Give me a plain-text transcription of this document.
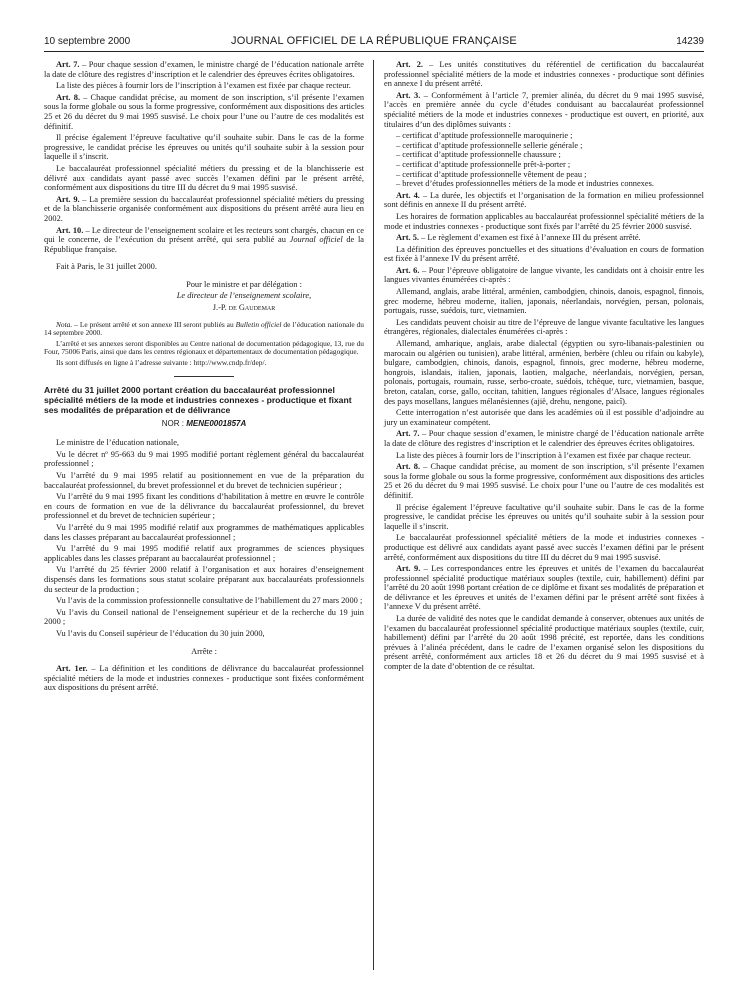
10 septembre 2000	JOURNAL OFFICIEL DE LA RÉPUBLIQUE FRANÇAISE	14239

Art. 7. – Pour chaque session d’examen, le ministre chargé de l’éducation nationale arrête la date de clôture des registres d’inscription et le calendrier des épreuves écrites obligatoires.

La liste des pièces à fournir lors de l’inscription à l’examen est fixée par chaque recteur.

Art. 8. – Chaque candidat précise, au moment de son inscription, s’il présente l’examen sous la forme globale ou sous la forme progressive, conformément aux dispositions des articles 25 et 26 du décret du 9 mai 1995 susvisé. Le choix pour l’une ou l’autre de ces modalités est définitif.

Il précise également l’épreuve facultative qu’il souhaite subir. Dans le cas de la forme progressive, le candidat précise les épreuves ou unités qu’il souhaite subir à la session pour laquelle il s’inscrit.

Le baccalauréat professionnel spécialité métiers du pressing et de la blanchisserie est délivré aux candidats ayant passé avec succès l’examen défini par le présent arrêté, conformément aux dispositions du titre III du décret du 9 mai 1995 susvisé.

Art. 9. – La première session du baccalauréat professionnel spécialité métiers du pressing et de la blanchisserie organisée conformément aux dispositions du présent arrêté aura lieu en 2002.

Art. 10. – Le directeur de l’enseignement scolaire et les recteurs sont chargés, chacun en ce qui le concerne, de l’exécution du présent arrêté, qui sera publié au Journal officiel de la République française.

Fait à Paris, le 31 juillet 2000.

Pour le ministre et par délégation :

Le directeur de l’enseignement scolaire,

J.-P. de Gaudemar

Nota. – Le présent arrêté et son annexe III seront publiés au Bulletin officiel de l’éducation nationale du 14 septembre 2000.

L’arrêté et ses annexes seront disponibles au Centre national de documentation pédagogique, 13, rue du Four, 75006 Paris, ainsi que dans les centres régionaux et départementaux de documentation pédagogique.

Ils sont diffusés en ligne à l’adresse suivante : http://www.cndp.fr/dep/.

Arrêté du 31 juillet 2000 portant création du baccalauréat professionnel spécialité métiers de la mode et industries connexes - productique et fixant ses modalités de préparation et de délivrance

NOR : MENE0001857A

Le ministre de l’éducation nationale,

Vu le décret nº 95-663 du 9 mai 1995 modifié portant règlement général du baccalauréat professionnel ;

Vu l’arrêté du 9 mai 1995 relatif au positionnement en vue de la préparation du baccalauréat professionnel, du brevet professionnel et du brevet de technicien supérieur ;

Vu l’arrêté du 9 mai 1995 fixant les conditions d’habilitation à mettre en œuvre le contrôle en cours de formation en vue de la délivrance du baccalauréat professionnel, du brevet professionnel et du brevet de technicien supérieur ;

Vu l’arrêté du 9 mai 1995 modifié relatif aux programmes de mathématiques applicables dans les classes préparant au baccalauréat professionnel ;

Vu l’arrêté du 9 mai 1995 modifié relatif aux programmes de sciences physiques applicables dans les classes préparant au baccalauréat professionnel ;

Vu l’arrêté du 25 février 2000 relatif à l’organisation et aux horaires d’enseignement dispensés dans les formations sous statut scolaire préparant aux baccalauréats professionnels du secteur de la production ;

Vu l’avis de la commission professionnelle consultative de l’habillement du 27 mars 2000 ;

Vu l’avis du Conseil national de l’enseignement supérieur et de la recherche du 19 juin 2000 ;

Vu l’avis du Conseil supérieur de l’éducation du 30 juin 2000,

Arrête :

Art. 1er. – La définition et les conditions de délivrance du baccalauréat professionnel spécialité métiers de la mode et industries connexes - productique sont fixées conformément aux dispositions du présent arrêté.

Art. 2. – Les unités constitutives du référentiel de certification du baccalauréat professionnel spécialité métiers de la mode et industries connexes - productique sont définies en annexe I du présent arrêté.

Art. 3. – Conformément à l’article 7, premier alinéa, du décret du 9 mai 1995 susvisé, l’accès en première année du cycle d’études conduisant au baccalauréat professionnel spécialité métiers de la mode et industries connexes - productique est ouvert, en priorité, aux titulaires d’un des diplômes suivants :

– certificat d’aptitude professionnelle maroquinerie ;
– certificat d’aptitude professionnelle sellerie générale ;
– certificat d’aptitude professionnelle chaussure ;
– certificat d’aptitude professionnelle prêt-à-porter ;
– certificat d’aptitude professionnelle vêtement de peau ;
– brevet d’études professionnelles métiers de la mode et industries connexes.

Art. 4. – La durée, les objectifs et l’organisation de la formation en milieu professionnel sont définis en annexe II du présent arrêté.

Les horaires de formation applicables au baccalauréat professionnel spécialité métiers de la mode et industries connexes - productique sont fixés par l’arrêté du 25 février 2000 susvisé.

Art. 5. – Le règlement d’examen est fixé à l’annexe III du présent arrêté.

La définition des épreuves ponctuelles et des situations d’évaluation en cours de formation est fixée à l’annexe IV du présent arrêté.

Art. 6. – Pour l’épreuve obligatoire de langue vivante, les candidats ont à choisir entre les langues vivantes énumérées ci-après :

Allemand, anglais, arabe littéral, arménien, cambodgien, chinois, danois, espagnol, finnois, grec moderne, hébreu moderne, italien, japonais, néerlandais, norvégien, persan, polonais, portugais, russe, suédois, turc, vietnamien.

Les candidats peuvent choisir au titre de l’épreuve de langue vivante facultative les langues étrangères, régionales, dialectales énumérées ci-après :

Allemand, amharique, anglais, arabe dialectal (égyptien ou syro-libanais-palestinien ou marocain ou algérien ou tunisien), arabe littéral, arménien, berbère (chleu ou rifain ou kabyle), bulgare, cambodgien, chinois, danois, espagnol, finnois, grec moderne, hébreu moderne, hongrois, islandais, italien, japonais, laotien, malgache, néerlandais, norvégien, persan, polonais, portugais, roumain, russe, serbo-croate, suédois, tchèque, turc, vietnamien, basque, breton, catalan, corse, gallo, occitan, tahitien, langues régionales d’Alsace, langues régionales des pays mosellans, langues mélanésiennes (ajië, drehu, nengone, paicî).

Cette interrogation n’est autorisée que dans les académies où il est possible d’adjoindre au jury un examinateur compétent.

Art. 7. – Pour chaque session d’examen, le ministre chargé de l’éducation nationale arrête la date de clôture des registres d’inscription et le calendrier des épreuves écrites obligatoires.

La liste des pièces à fournir lors de l’inscription à l’examen est fixée par chaque recteur.

Art. 8. – Chaque candidat précise, au moment de son inscription, s’il présente l’examen sous la forme globale ou sous la forme progressive, conformément aux dispositions des articles 25 et 26 du décret du 9 mai 1995 susvisé. Le choix pour l’une ou l’autre de ces modalités est définitif.

Il précise également l’épreuve facultative qu’il souhaite subir. Dans le cas de la forme progressive, le candidat précise les épreuves ou unités qu’il souhaite subir à la session pour laquelle il s’inscrit.

Le baccalauréat professionnel spécialité métiers de la mode et industries connexes - productique est délivré aux candidats ayant passé avec succès l’examen défini par le présent arrêté, conformément aux dispositions du titre III du décret du 9 mai 1995 susvisé.

Art. 9. – Les correspondances entre les épreuves et unités de l’examen du baccalauréat professionnel spécialité productique matériaux souples (textile, cuir, habillement) défini par l’arrêté du 20 août 1998 portant création de ce diplôme et fixant ses modalités de préparation et de délivrance et les épreuves et unités de l’examen défini par le présent arrêté sont fixées à l’annexe V du présent arrêté.

La durée de validité des notes que le candidat demande à conserver, obtenues aux unités de l’examen du baccalauréat professionnel spécialité productique matériaux souples (textile, cuir, habillement) défini par l’arrêté du 20 août 1998 précité, est reportée, dans les conditions prévues à l’alinéa précédent, dans le cadre de l’examen organisé selon les dispositions du présent arrêté, conformément aux articles 18 et 26 du décret du 9 mai 1995 susvisé et à compter de la date d’obtention de ce résultat.
